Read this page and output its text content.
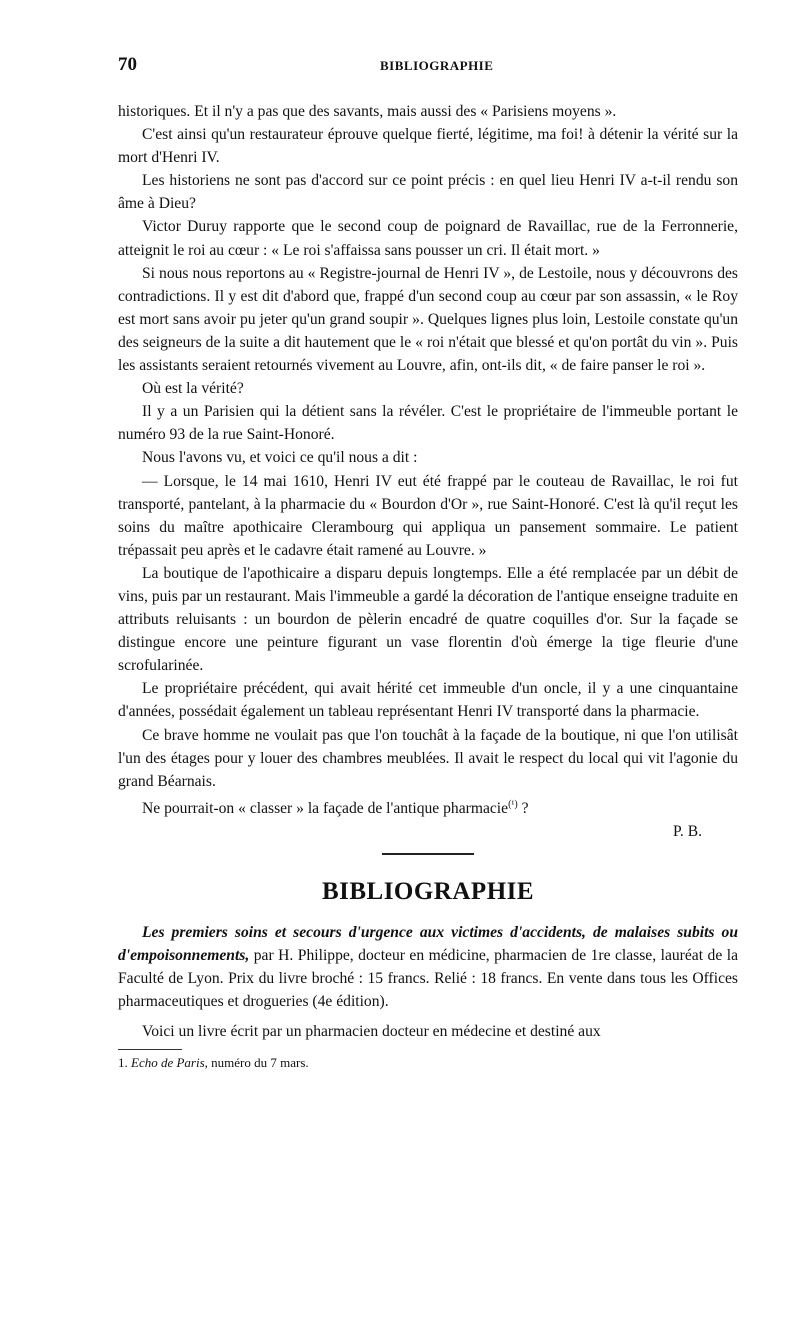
70	BIBLIOGRAPHIE

historiques. Et il n'y a pas que des savants, mais aussi des « Parisiens moyens ».

C'est ainsi qu'un restaurateur éprouve quelque fierté, légitime, ma foi! à détenir la vérité sur la mort d'Henri IV.

Les historiens ne sont pas d'accord sur ce point précis : en quel lieu Henri IV a-t-il rendu son âme à Dieu?

Victor Duruy rapporte que le second coup de poignard de Ravaillac, rue de la Ferronnerie, atteignit le roi au cœur : « Le roi s'affaissa sans pousser un cri. Il était mort. »

Si nous nous reportons au « Registre-journal de Henri IV », de Lestoile, nous y découvrons des contradictions. Il y est dit d'abord que, frappé d'un second coup au cœur par son assassin, « le Roy est mort sans avoir pu jeter qu'un grand soupir ». Quelques lignes plus loin, Lestoile constate qu'un des seigneurs de la suite a dit hautement que le « roi n'était que blessé et qu'on portât du vin ». Puis les assistants seraient retournés vivement au Louvre, afin, ont-ils dit, « de faire panser le roi ».

Où est la vérité?

Il y a un Parisien qui la détient sans la révéler. C'est le propriétaire de l'immeuble portant le numéro 93 de la rue Saint-Honoré.

Nous l'avons vu, et voici ce qu'il nous a dit :

— Lorsque, le 14 mai 1610, Henri IV eut été frappé par le couteau de Ravaillac, le roi fut transporté, pantelant, à la pharmacie du « Bourdon d'Or », rue Saint-Honoré. C'est là qu'il reçut les soins du maître apothicaire Clerambourg qui appliqua un pansement sommaire. Le patient trépassait peu après et le cadavre était ramené au Louvre. »

La boutique de l'apothicaire a disparu depuis longtemps. Elle a été remplacée par un débit de vins, puis par un restaurant. Mais l'immeuble a gardé la décoration de l'antique enseigne traduite en attributs reluisants : un bourdon de pèlerin encadré de quatre coquilles d'or. Sur la façade se distingue encore une peinture figurant un vase florentin d'où émerge la tige fleurie d'une scrofularinée.

Le propriétaire précédent, qui avait hérité cet immeuble d'un oncle, il y a une cinquantaine d'années, possédait également un tableau représentant Henri IV transporté dans la pharmacie.

Ce brave homme ne voulait pas que l'on touchât à la façade de la boutique, ni que l'on utilisât l'un des étages pour y louer des chambres meublées. Il avait le respect du local qui vit l'agonie du grand Béarnais.

Ne pourrait-on « classer » la façade de l'antique pharmacie$^{(^1)}$ ?

P. B.

BIBLIOGRAPHIE

Les premiers soins et secours d'urgence aux victimes d'accidents, de malaises subits ou d'empoisonnements, par H. Philippe, docteur en médicine, pharmacien de 1re classe, lauréat de la Faculté de Lyon. Prix du livre broché : 15 francs. Relié : 18 francs. En vente dans tous les Offices pharmaceutiques et drogueries (4e édition).

Voici un livre écrit par un pharmacien docteur en médecine et destiné aux

1. Echo de Paris, numéro du 7 mars.
